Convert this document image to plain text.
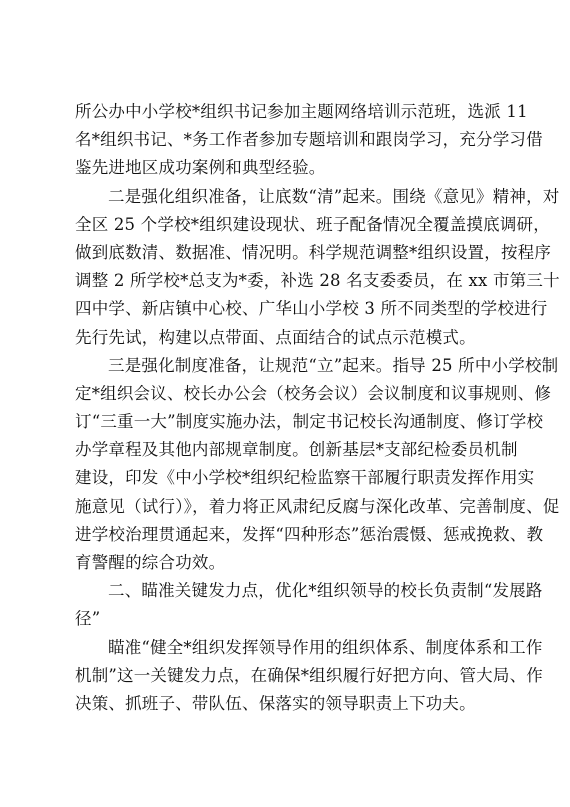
所公办中小学校*组织书记参加主题网络培训示范班，选派 11
名*组织书记、*务工作者参加专题培训和跟岗学习，充分学习借
鉴先进地区成功案例和典型经验。
二是强化组织准备，让底数“清”起来。围绕《意见》精神，对
全区 25 个学校*组织建设现状、班子配备情况全覆盖摸底调研，
做到底数清、数据准、情况明。科学规范调整*组织设置，按程序
调整 2 所学校*总支为*委，补选 28 名支委委员，在 xx 市第三十
四中学、新店镇中心校、广华山小学校 3 所不同类型的学校进行
先行先试，构建以点带面、点面结合的试点示范模式。
三是强化制度准备，让规范“立”起来。指导 25 所中小学校制
定*组织会议、校长办公会（校务会议）会议制度和议事规则、修
订“三重一大”制度实施办法，制定书记校长沟通制度、修订学校
办学章程及其他内部规章制度。创新基层*支部纪检委员机制
建设，印发《中小学校*组织纪检监察干部履行职责发挥作用实
施意见（试行）》，着力将正风肃纪反腐与深化改革、完善制度、促
进学校治理贯通起来，发挥“四种形态”惩治震慑、惩戒挽救、教
育警醒的综合功效。
二、瞄准关键发力点，优化*组织领导的校长负责制“发展路
径”
瞄准“健全*组织发挥领导作用的组织体系、制度体系和工作
机制”这一关键发力点，在确保*组织履行好把方向、管大局、作
决策、抓班子、带队伍、保落实的领导职责上下功夫。
